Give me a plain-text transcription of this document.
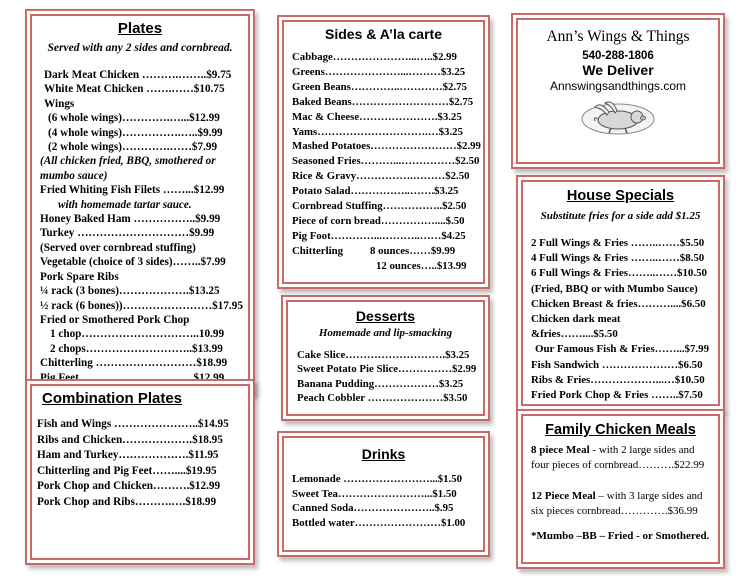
Plates
Served with any 2 sides and cornbread.
Dark Meat Chicken ……….……..$9.75
White Meat Chicken …….……$10.75
Wings
(6 whole wings)………….…...$12.99
(4 whole wings)…………….…..$9.99
(2 whole wings)………….……$7.99
(All chicken fried, BBQ, smothered or mumbo sauce)
Fried Whiting Fish Filets ……...$12.99
with homemade tartar sauce.
Honey Baked Ham ……………..$9.99
Turkey …………………………$9.99
(Served over cornbread stuffing)
Vegetable (choice of 3 sides)……..$7.99
Pork Spare Ribs
¼ rack (3 bones)……………….$13.25
½ rack (6 bones))……………………$17.95
Fried or Smothered Pork Chop
1 chop…………………………..10.99
2 chops………………………..$13.99
Chitterling ………………………$18.99
Pig Feet……………………….…$12.99
Combination Plates
Fish and Wings …………………..$14.95
Ribs and Chicken……………….$18.95
Ham and Turkey……………….$11.95
Chitterling and Pig Feet……....$19.95
Pork Chop and Chicken……….$12.99
Pork Chop and Ribs……….….$18.99
Sides & A’la carte
Cabbage…………………...…..$2.99
Greens…………………...………$3.25
Green Beans…………..…………$2.75
Baked Beans………………………$2.75
Mac & Cheese………………….$3.25
Yams………………………….…$3.25
Mashed Potatoes……………………$2.99
Seasoned Fries………...……………$2.50
Rice & Gravy…………….………$2.50
Potato Salad……………..…….$3.25
Cornbread Stuffing……………..$2.50
Piece of corn bread……………....$.50
Pig Foot…………...………..……$4.25
Chitterling          8 ounces……$9.99
12 ounces…..$13.99
Desserts
Homemade and lip-smacking
Cake Slice……………………….$3.25
Sweet Potato Pie Slice……………$2.99
Banana Pudding………………$3.25
Peach Cobbler …………………$3.50
Drinks
Lemonade ……………………...$1.50
Sweet Tea……………………...$1.50
Canned Soda…………………..$.95
Bottled water……………………$1.00
Ann’s Wings & Things
540-288-1806
We Deliver
Annswingsandthings.com
House Specials
Substitute fries for a side add $1.25
2 Full Wings & Fries ……..……$5.50
4 Full Wings & Fries ……..……$8.50
6 Full Wings & Fries……..……$10.50
(Fried, BBQ or with Mumbo Sauce)
Chicken Breast & fries………....$6.50
Chicken dark meat
&fries……....$5.50
Our Famous Fish & Fries……...$7.99
Fish Sandwich …………………$6.50
Ribs & Fries………………...…$10.50
Fried Pork Chop & Fries ……..$7.50
Family Chicken Meals
8 piece Meal - with 2 large sides and four pieces of cornbread……….$22.99
12 Piece Meal – with 3 large sides and six pieces cornbread………….$36.99
*Mumbo –BB – Fried - or Smothered.
